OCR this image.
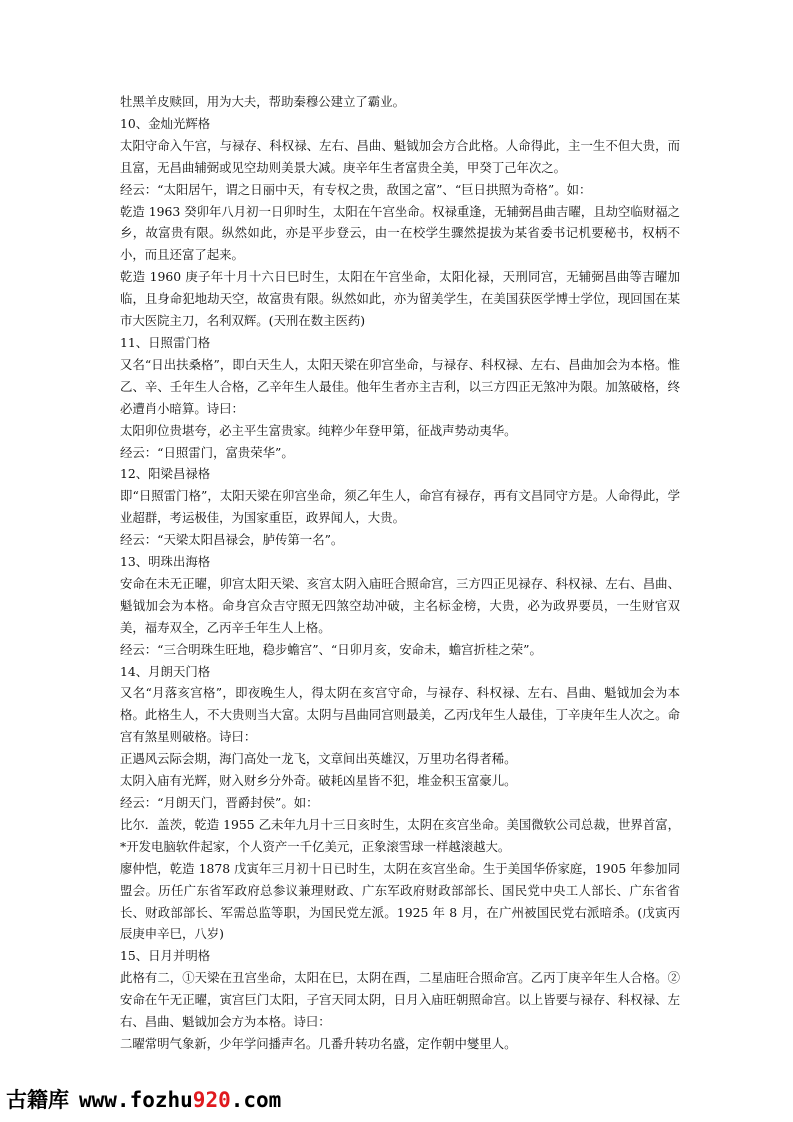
牡黑羊皮赎回，用为大夫，帮助秦穆公建立了霸业。

10、金灿光辉格

太阳守命入午宫，与禄存、科权禄、左右、昌曲、魁钺加会方合此格。人命得此，主一生不但大贵，而且富，无昌曲辅弼或见空劫则美景大减。庚辛年生者富贵全美，甲癸丁己年次之。

经云：“太阳居午，谓之日丽中天，有专权之贵，敌国之富”、“巨日拱照为奇格”。如：

乾造 1963 癸卯年八月初一日卯时生，太阳在午宫坐命。权禄重逢，无辅弼昌曲吉曜，且劫空临财福之乡，故富贵有限。纵然如此，亦是平步登云，由一在校学生骤然提拔为某省委书记机要秘书，权柄不小，而且还富了起来。

乾造 1960 庚子年十月十六日巳时生，太阳在午宫坐命，太阳化禄，天刑同宫，无辅弼昌曲等吉曜加临，且身命犯地劫天空，故富贵有限。纵然如此，亦为留美学生，在美国获医学博士学位，现回国在某市大医院主刀，名利双辉。(天刑在数主医药)

11、日照雷门格

又名“日出扶桑格”，即白天生人，太阳天梁在卯宫坐命，与禄存、科权禄、左右、昌曲加会为本格。惟乙、辛、壬年生人合格，乙辛年生人最佳。他年生者亦主吉利，以三方四正无煞冲为限。加煞破格，终必遭肖小暗算。诗曰：

太阳卯位贵堪夸，必主平生富贵家。纯粹少年登甲第，征战声势动夷华。

经云：“日照雷门，富贵荣华”。

12、阳梁昌禄格

即“日照雷门格”，太阳天梁在卯宫坐命，须乙年生人，命宫有禄存，再有文昌同守方是。人命得此，学业超群，考运极佳，为国家重臣，政界闻人，大贵。

经云：“天梁太阳昌禄会，胪传第一名”。

13、明珠出海格

安命在未无正曜，卯宫太阳天梁、亥宫太阴入庙旺合照命宫，三方四正见禄存、科权禄、左右、昌曲、魁钺加会为本格。命身宫众吉守照无四煞空劫冲破，主名标金榜，大贵，必为政界要员，一生财官双美，福寿双全，乙丙辛壬年生人上格。

经云：“三合明珠生旺地，稳步蟾宫”、“日卯月亥，安命未，蟾宫折桂之荣”。

14、月朗天门格

又名“月落亥宫格”，即夜晚生人，得太阴在亥宫守命，与禄存、科权禄、左右、昌曲、魁钺加会为本格。此格生人，不大贵则当大富。太阴与昌曲同宫则最美，乙丙戊年生人最佳，丁辛庚年生人次之。命宫有煞星则破格。诗曰：

正遇风云际会期，海门高处一龙飞，文章间出英雄汉，万里功名得者稀。

太阴入庙有光辉，财入财乡分外奇。破耗凶星皆不犯，堆金积玉富豪儿。

经云：“月朗天门，晋爵封侯”。如：

比尔．盖茨，乾造 1955 乙未年九月十三日亥时生，太阴在亥宫坐命。美国微软公司总裁，世界首富，*开发电脑软件起家，个人资产一千亿美元，正象滚雪球一样越滚越大。

廖仲恺，乾造 1878 戊寅年三月初十日已时生，太阴在亥宫坐命。生于美国华侨家庭，1905 年参加同盟会。历任广东省军政府总参议兼理财政、广东军政府财政部部长、国民党中央工人部长、广东省省长、财政部部长、军需总监等职，为国民党左派。1925 年 8 月，在广州被国民党右派暗杀。(戊寅丙辰庚申辛巳，八岁)

15、日月并明格

此格有二，①天梁在丑宫坐命，太阳在巳，太阴在酉，二星庙旺合照命宫。乙丙丁庚辛年生人合格。②安命在午无正曜，寅宫巨门太阳，子宫天同太阴，日月入庙旺朝照命宫。以上皆要与禄存、科权禄、左右、昌曲、魁钺加会方为本格。诗曰：

二曜常明气象新，少年学问播声名。几番升转功名盛，定作朝中燮里人。

古籍库 www.fozhu920.com
